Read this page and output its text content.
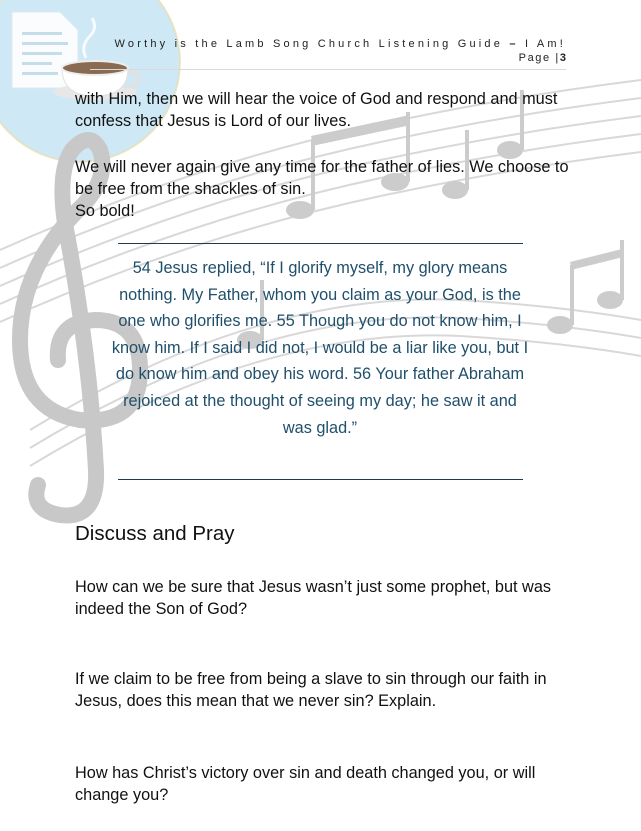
Worthy is the Lamb Song Church Listening Guide – I Am!
Page |3
with Him, then we will hear the voice of God and respond and must confess that Jesus is Lord of our lives.
We will never again give any time for the father of lies. We choose to be free from the shackles of sin.
So bold!
54 Jesus replied, “If I glorify myself, my glory means nothing. My Father, whom you claim as your God, is the one who glorifies me. 55 Though you do not know him, I know him. If I said I did not, I would be a liar like you, but I do know him and obey his word. 56 Your father Abraham rejoiced at the thought of seeing my day; he saw it and was glad.”
Discuss and Pray
How can we be sure that Jesus wasn’t just some prophet, but was indeed the Son of God?
If we claim to be free from being a slave to sin through our faith in Jesus, does this mean that we never sin? Explain.
How has Christ’s victory over sin and death changed you, or will change you?
